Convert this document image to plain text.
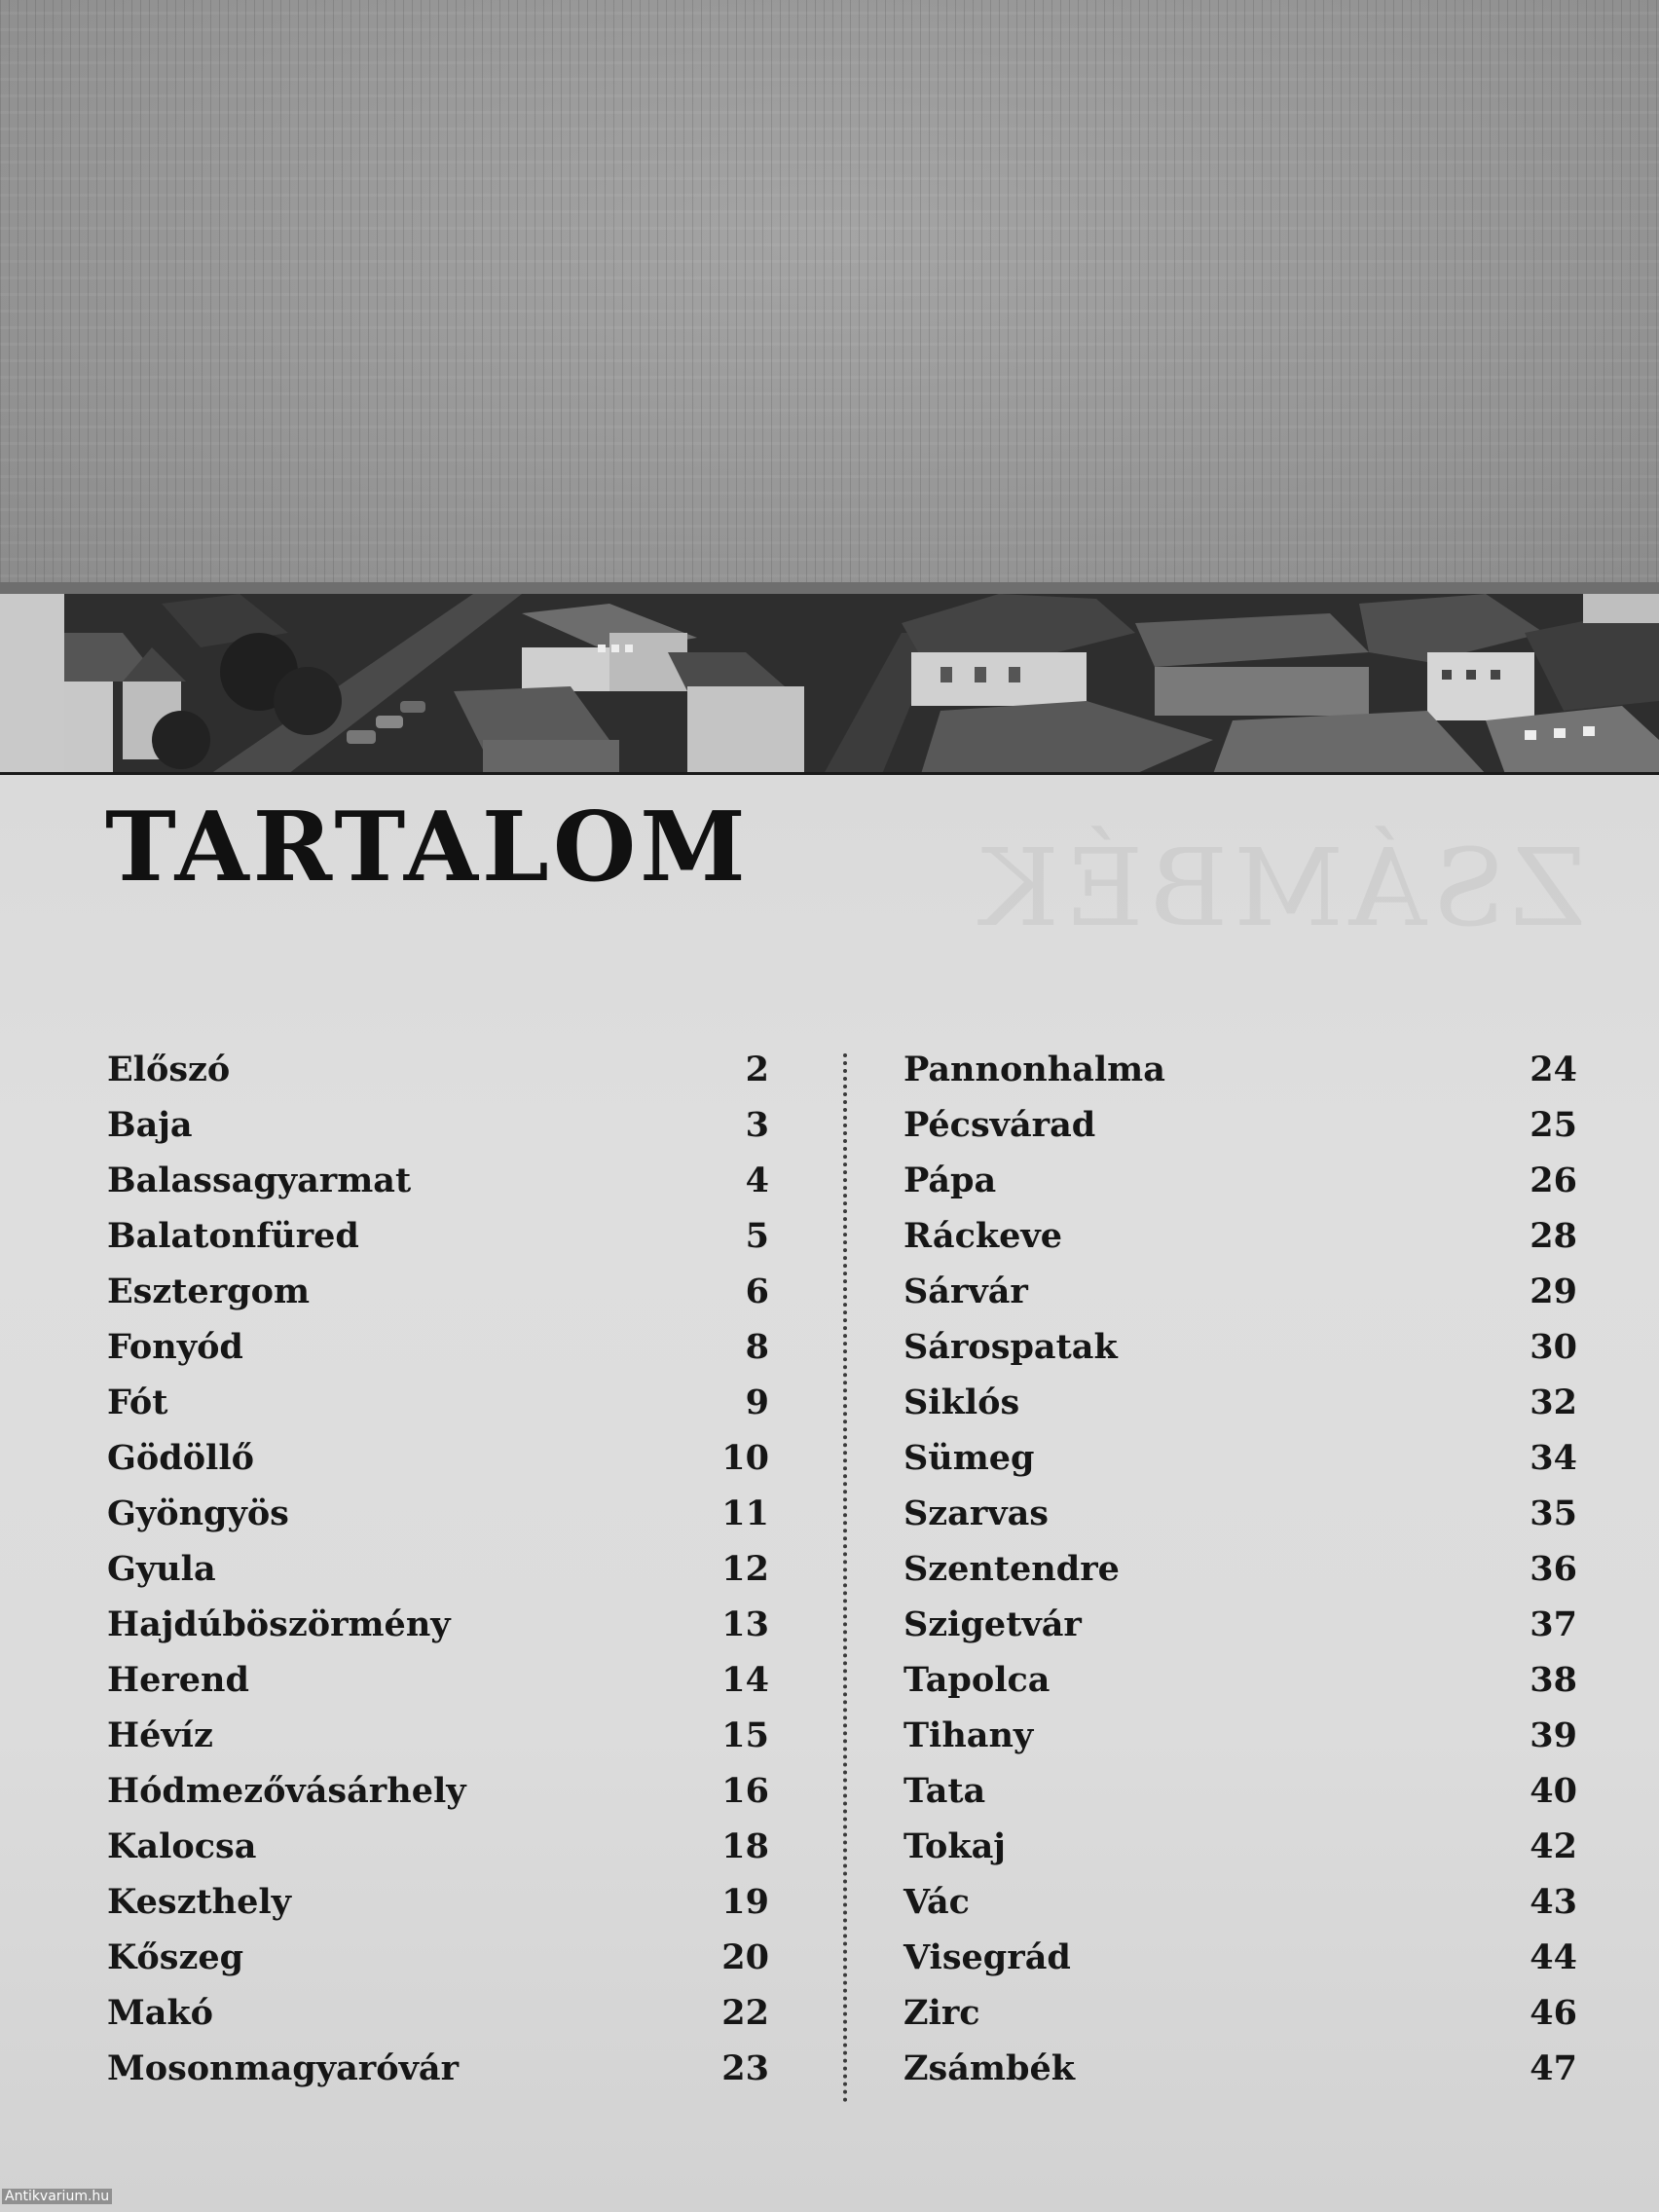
ZSÁMBÉK
TARTALOM
Előszó	2
Baja	3
Balassagyarmat	4
Balatonfüred	5
Esztergom	6
Fonyód	8
Fót	9
Gödöllő	10
Gyöngyös	11
Gyula	12
Hajdúböszörmény	13
Herend	14
Hévíz	15
Hódmezővásárhely	16
Kalocsa	18
Keszthely	19
Kőszeg	20
Makó	22
Mosonmagyaróvár	23
Pannonhalma	24
Pécsvárad	25
Pápa	26
Ráckeve	28
Sárvár	29
Sárospatak	30
Siklós	32
Sümeg	34
Szarvas	35
Szentendre	36
Szigetvár	37
Tapolca	38
Tihany	39
Tata	40
Tokaj	42
Vác	43
Visegrád	44
Zirc	46
Zsámbék	47
Antikvarium.hu
